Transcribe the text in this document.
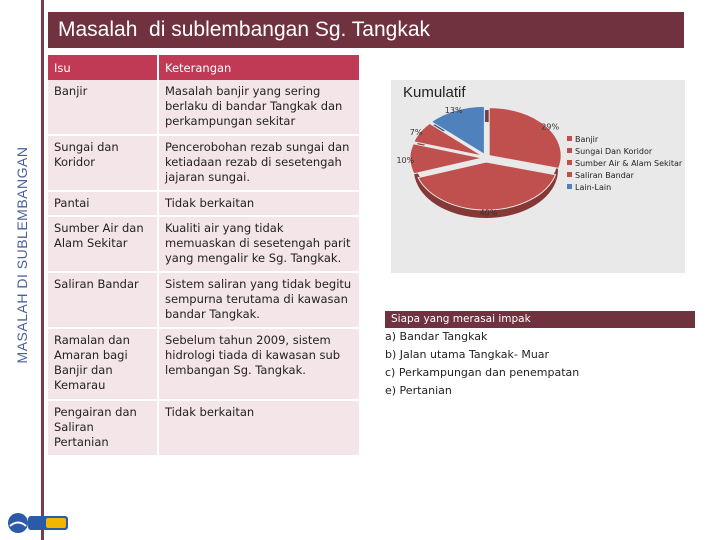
MASALAH DI SUBLEMBANGAN
Masalah  di sublembangan Sg. Tangkak
Isu	Keterangan
Banjir	Masalah banjir yang sering berlaku di bandar Tangkak dan perkampungan sekitar
Sungai dan Koridor	Pencerobohan rezab sungai dan ketiadaan rezab di sesetengah jajaran sungai.
Pantai	Tidak berkaitan
Sumber Air dan Alam Sekitar	Kualiti air yang tidak memuaskan di sesetengah parit yang mengalir ke Sg. Tangkak.
Saliran Bandar	Sistem saliran yang tidak begitu sempurna terutama di kawasan bandar Tangkak.
Ramalan dan Amaran bagi Banjir dan Kemarau	Sebelum tahun 2009, sistem hidrologi tiada di kawasan sub lembangan Sg. Tangkak.
Pengairan dan Saliran Pertanian	Tidak berkaitan
Kumulatif
29%
40%
10%
7%
13%
Banjir
Sungai Dan Koridor
Sumber Air & Alam Sekitar
Saliran Bandar
Lain-Lain
Siapa yang merasai impak
a) Bandar Tangkak
b) Jalan utama Tangkak- Muar
c) Perkampungan dan penempatan
e) Pertanian
